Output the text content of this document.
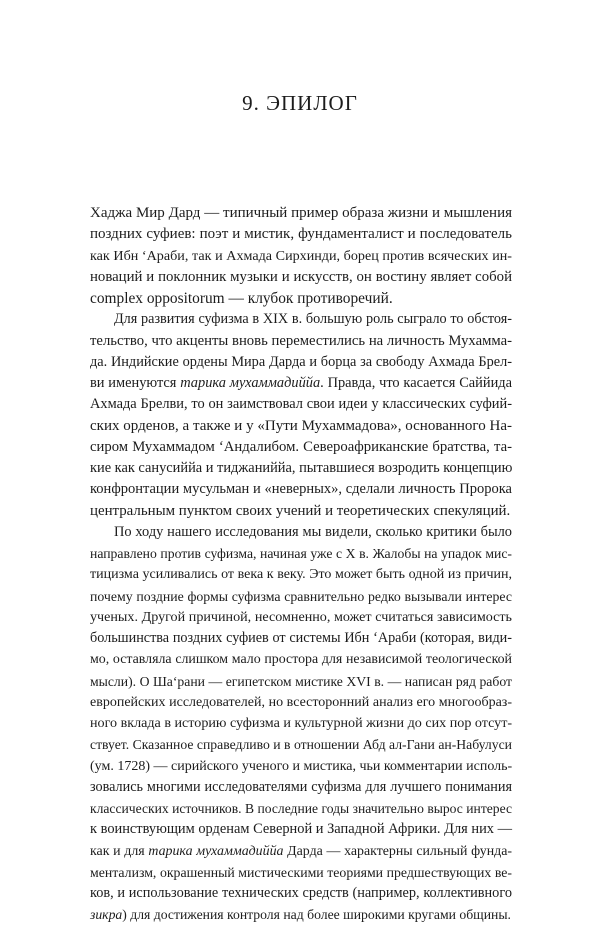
9. ЭПИЛОГ
Хаджа Мир Дард — типичный пример образа жизни и мышления
поздних суфиев: поэт и мистик, фундаменталист и последователь
как Ибн ʻАраби, так и Ахмада Сирхинди, борец против всяческих ин-
новаций и поклонник музыки и искусств, он востину являет собой
complex oppositorum — клубок противоречий.
Для развития суфизма в XIX в. большую роль сыграло то обстоя-
тельство, что акценты вновь переместились на личность Мухамма-
да. Индийские ордены Мира Дарда и борца за свободу Ахмада Брел-
ви именуются тарика мухаммадиййа. Правда, что касается Саййида
Ахмада Брелви, то он заимствовал свои идеи у классических суфий-
ских орденов, а также и у «Пути Мухаммадова», основанного На-
сиром Мухаммадом ʻАндалибом. Североафриканские братства, та-
кие как санусиййа и тиджаниййа, пытавшиеся возродить концепцию
конфронтации мусульман и «неверных», сделали личность Пророка
центральным пунктом своих учений и теоретических спекуляций.
По ходу нашего исследования мы видели, сколько критики было
направлено против суфизма, начиная уже с X в. Жалобы на упадок мис-
тицизма усиливались от века к веку. Это может быть одной из причин,
почему поздние формы суфизма сравнительно редко вызывали интерес
ученых. Другой причиной, несомненно, может считаться зависимость
большинства поздних суфиев от системы Ибн ʻАраби (которая, види-
мо, оставляла слишком мало простора для независимой теологической
мысли). О Шаʻрани — египетском мистике XVI в. — написан ряд работ
европейских исследователей, но всесторонний анализ его многообраз-
ного вклада в историю суфизма и культурной жизни до сих пор отсут-
ствует. Сказанное справедливо и в отношении Абд ал-Гани ан-Набулуси
(ум. 1728) — сирийского ученого и мистика, чьи комментарии исполь-
зовались многими исследователями суфизма для лучшего понимания
классических источников. В последние годы значительно вырос интерес
к воинствующим орденам Северной и Западной Африки. Для них —
как и для тарика мухаммадиййа Дарда — характерны сильный фунда-
ментализм, окрашенный мистическими теориями предшествующих ве-
ков, и использование технических средств (например, коллективного
зикра) для достижения контроля над более широкими кругами общины.
